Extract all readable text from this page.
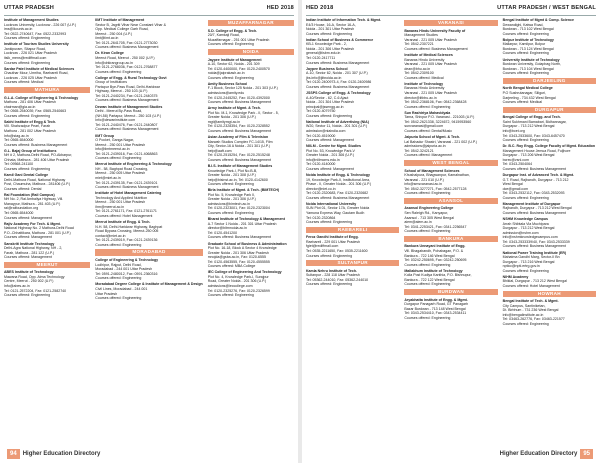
UTTAR PRADESH	HED 2018
Institute of Management Studies
Lucknow University, Lucknow - 226 007 (U.P.)
ims@lkouniv.ac.in
Tel: 0522-2740647, Fax: 0522-2332993
Courses offered: Engineering
Institute of Tourism Studies University
Jankipuram, Sitapur Road,
Lucknow - 226 021 Uttar Pradesh
itslk_mens@rediffmail.com
Courses offered: Engineering
Sardar Patel Institute of Medical Sciences
Chauthar Mour, Umriha, Raebareli Road,
Lucknow - 226 025 Uttar Pradesh
Courses offered: Medical
MATHURA
G.L.A. College of Engineering & Technology
Mathura - 281 406 Uttar Pradesh
chairman@gla.ac.in
Tel: 0565-2540039, Fax: 0565-2540663
Courses offered: Engineering
Sabhi Institute of Engg & Tech.
Vill. Shahzadpur Pearl, Farah
Mathura - 281 002 Uttar Pradesh
Info@stag.ac.in
Tel: 0565-6540000
Courses offered: Business Management
G.L. Bajaj Group of Institutions
NH # 2, Mathura-Delhi Road, PO-Akbarpur,
Chhata, Mathura - 281 406 Uttar Pradesh
Tel: 09568-241100
Courses offered: Engineering
Kamil Gani Dental College
Delhi-Mathura Road, National Highway
Post, Chaumuha, Mathura - 281406 (U.P.)
Courses offered: Dental
Rai Foundation (Rail Campus)
NH No. 2, Rai Ambaliya Highway, Vill.
Manaypur, Mathura - 281 403 (U.P.)
rai@raifoundation.org
Tel: 0565-6544000
Courses offered: Management
Rajiv Academy For Tech. & Mgmt.
National Highway No. 2 Mathura-Delhi Road
P.O.-Chhattikara, Mathura - 281 001 (U.P.)
Courses offered: Management
Sanskriti Institute Technology
Delhi-Agra National Highway, NH - 2,
Farah, Mathura - 281 122 (U.P.)
Courses offered: Management
MEERUT
ABES Institute of Technology
Mawana Road, Opp. Atma Technology
Centre, Meerut - 250 002 (U.P.)
Info@abes.ac.in
Tel: 0121-2572204, Fax: 0121-2582740
Courses offered: Engineering
IIMT Institute of Management
Sector B, Jagriti Vihar Near Constant Vihar &
Opp. Medical College Garh Road,
Meerut - 250 004 (U.P.)
iimt@iimt.ac.in
Tel: 0121-2641705, Fax: 0121-2773030
Courses offered: Business Management
Dr. Kiran College
Meerut Road, Meerut - 250 002 (U.P.)
info@drkirangroup.ac.in
Tel: 0121-2768036, Fax: 0121-2768877
Courses offered: Engineering
College of Engg. & Rural Technology Govt
Group of Institutions
Partapur Bye-Pass Road, Delhi-Haridwar
Highway, Meerut - 250 103 (U.P.)
Tel: 0121-2440234, Fax: 0121-2440375
Courses offered: Business Management
Dewan Institute of Management Studies
Delhi - Meerut By-Pass Road,
(NH-58) Partapur, Meerut - 250 103 (U.P.)
Info@dewaninstitute.com
Tel: 0121-2440476, Fax: 0121-2440807
Courses offered: Business Management
IIMT Group
O Pocket, Ganga Nagar,
Meerut - 250 001 Uttar Pradesh
info@iimtmeerut.ac.in
Tel: 0121-2439016, Fax: 0121-4068863
Courses offered: Engineering
Meerut Institute of Engineering & Technology
NH - 58, Baghpat Road Crossing,
Meerut - 250 005 Uttar Pradesh
miet@miet.ac.in
Tel: 0121-2439135, Fax: 0121-2439101
Courses offered: Business Management
Institute of Hotel Management Catering
Technology And Applied Nutrition
Meerut - 250 001 Uttar Pradesh
ihm@meerut.ac.in
Tel: 0121-2761171, Fax: 0121-2761171
Courses offered: Hotel Management
Meerut Institute of Engg. & Tech.
N.H. 58, Delhi-Haridwar Highway, Baghpat
Road Bypass Crossing, Meerut-250 005
contact@miet.ac.in
Tel: 0121-2439019, Fax: 0121-2439136
Courses offered: Engineering
MORADABAD
College of Engineering & Technology
Lodhipur, Rajput, Delhi Road,
Moradabad - 244 001 Uttar Pradesh
Tel: 0591-2480012, Fax: 0591-2360316
Courses offered: Engineering
Moradabad Degree College & Institute of Management & Design
Civil Lines, Moradabad - 244 001
Uttar Pradesh
Courses offered: Engineering
MUZAFFARNAGAR
S.D. College of Engg. & Tech.
20/7, Kamkaji Road,
Muzaffarnagar - 251 001 Uttar Pradesh
Courses offered: Engineering
NOIDA
Jaypee Institute of Management
A-10, Sector 62, Noida - 201 309
Tel: 0120-4400000, Fax: 0120-2400570
noida@jaiprakash.ac.in
Courses offered: Engineering
Amity Business School
F-1 Block, Sector 125 Noida - 201 303 (U.P.)
admissions@amity.edu
Tel: 0120-2445252, Fax: 0120-4392000
Courses offered: Business Management
Army Institute of Mgmt. & Tech.
Plot No. M-1, Knowledge Park - II, Sector - 5,
Greater Noida - 201 306 (U.P.)
mgt@amitymgt.ac.in
Tel: 0120-2328354, Fax: 0120-2328552
Courses offered: Business Management
Asian Academy of Film & Television
Marwah Studios Complex FC-14/15, Film
City, Sector-16 A Noida - 201 301 (U.P.)
help@aaft.com
Tel: 0120-2515254, Fax: 0120-2515248
Courses offered: Business Management
B.I.S. Institute of Management Studies
Knowledge Park-I, Plot No.B-B,
Greater Noida - 201 308 (U.P.)
help@bisinst.ac.in, Tel: 0120-4142600
Courses offered: Engineering
Birla Institute of Mgmt. & Tech. (BIMTECH)
Plot No. 5, Knowledge Park II,
Greater Noida - 201 306 (U.P.)
admissions@bimtech.ac.in
Tel: 0120-2323001, Fax: 0120-2323004
Courses offered: Engineering
Bharat Institute of Technology & Management
A-7 Sector 1 Noida - 201 301 Uttar Pradesh
director@bitmnoida.ac.in
Tel: 0120-4541200
Courses offered: Business Management
Graduate School of Business & Administration
Plot No. 16-18, Block A Sector 4 Knowledge
Greater Noida - 201 306 Uttar Pradesh
mnojda@gsba.ac.in, Fax: 0120-6555
Tel: 0120-4563555, Fax: 0120-4555555
Courses offered: MBA College
IEC College of Engineering And Technology
Plot No. 4, Knowledge Park-I, Surajpur
Road, Greater Noida - 201 306 (U.P.)
admissions@ieccollege.com
Tel: 0120-2325276, Fax: 0120-2326599
Courses offered: Engineering
94	Higher Education Directory
HED 2018	UTTAR PRADESH / WEST BENGAL
Indian Institute of Information Tech. & Mgmt.
E4/3 House, 16-A, Sector 16-A,
Noida - 201 301 Uttar Pradesh
Courses offered: Engineering
Indian School of Business & Commerce
KB-1 Knowledge Park - 2,
Noida - 201 306 Uttar Pradesh
general@iisbm.edu.in
Tel: 0120-2417711
Courses offered: Business Management
Jaypee Business School
A-10, Sector 62, Noida - 201 307 (U.P.)
jbs.info@jiitnoida.ac.in
Tel: 0120-2400973-4, Fax: 0120-2400986
Courses offered: Business Management
JSSPS College of Engg. & Technology
A-40/Sector - 62, C-6 Ajaut
Noida - 201 304 Uttar Pradesh
principal@jssengg.ac.in
Tel: 0120-4079750
Courses offered: Engineering
National Institute of Advertising (NIA)
W20, Sector 11, Noida - 201 301 (U.P.)
admission@niaindia.com
Tel: 0120-4519000
Courses offered: Management
NIILM - Centre for Mgmt. Studies
Plot No. 53, Knowledge Park-V
Greater Noida - 201 306 (U.P.)
info@niilmcms.edu.in
Tel: 0120-4140000
Courses offered: Management
Noida Institute of Engg. & Technology
19, Knowledge Park-II, Institutional Area,
Phase - II, Greater Noida - 201 306 (U.P.)
director@niet.co.in
Tel: 0120-2320683, Fax: 0120-2320682
Courses offered: Business Management
Noida International University
SUN Plot 01, Sector 17A, Greater Noida
Yamuna Express Way, Gautam Budh
Tel: 0120-2320864
Courses offered: Engineering
RAEBARELI
Feroz Gandhi Institute of Engg.
Raebareli - 229 001 Uttar Pradesh
fgiet@rediffmail.com
Tel: 0535-2211650, Fax: 0535-2211600
Courses offered: Engineering
SULTANPUR
Kamla Nehru Institute of Tech.
Sultanpur - 228 118 Uttar Pradesh
Tel: 05362-244010, Fax: 05362-244010
Courses offered: Engineering
VARANASI
Banaras Hindu University Faculty of
Management Studies
Varanasi - 221 005 Uttar Pradesh
Tel: 0542-2307221
Courses offered: Business Management
Institute of Medical Sciences
Banaras Hindu University
Varanasi - 221 005 Uttar Pradesh
dean@bhu.ac.in
Tel: 0542-2309100
Courses offered: Medical
Institute of Technology
Banaras Hindu University
Varanasi - 221 005 Uttar Pradesh
director@iitbhu.ac.in
Tel: 0542-2368106, Fax: 0542-2368428
Courses offered: Engineering
Sun Rashtriya Mahavidyala
Tarna, Shivpur P.O. Varanasi - 221003 (U.P.)
Tel: 0542-2621338, 3224672, 9415953560
sunvaranasi@gmail.com
Courses offered: Dental/Music
Jaipuria School of Mgmt. & Tech.
Lal Bahadur Shastri, Varanasi - 221 002 (U.P.)
admissions@jaipuria.ac.in
Tel: 0542-3242121
Courses offered: Management
WEST BENGAL
School of Management Sciences
Khushalpura, Bhagwanpur, Kamalnathan,
Varanasi - 221 010 (U.P.)
info@smsvaranasi.ac.in
Tel: 0542-3277271, Fax: 0542-2577128
Courses offered: Engineering
ASANSOL
Asansol Engineering College
Sen Raleigh Rd., Kanyapur,
Asansol - 713 305 West Bengal
aiem@aiem.ac.in
Tel: 0341-2253421, Fax: 0341-2256547
Courses offered: Engineering
BANKURA
Bankura Unnayani Institute of Engg.
Vill. Bhagabandh, Pohabagan, P.O. &
Bankura - 722 146 West Bengal
Tel: 03242-250695, Fax: 03242-250695
Courses offered: Engineering
Mallabhum Institute of Technology
Kolla Post Kudiya Kanthia, P.O. Bishnupur,
Bankura - 722 122 West Bengal
Courses offered: Engineering
BURDWAN
Aryabhatta Institute of Engg. & Mgmt.
Durgapur Panagarh Road, GT Panagarh
Bazar Burdwan - 713 148 West Bengal
Tel: 0343-2534410, Fax: 0343-2534411
Courses offered: Engineering
Bengal Institute of Mgmt & Comp. Science
Dewandighi, Katwa Road,
Burdwan - 713 102 West Bengal
Courses offered: Engineering
Bolpur Institute of Technology
Mallarpur, Kamiipur, Bolpur
Burdwan - 713 124 West Bengal
Courses offered: Engineering
University Institute of Technology
Burdwan University, Golapbag North,
Burdwan - 713 104 West Bengal
Courses offered: Engineering
DARJEELING
North Bengal Medical College
P.O Sushrutanagar, Siliguri,
Darjeeling - 734 432 West Bengal
Courses offered: Medical
DURGAPUR
Bengal College of Engg. and Tech.
Saint Sukhmani Bamabari, Bidhannagar,
Durgapur - 713 212 West Bengal
info@bcet.org
Tel: 0343-2533600, Fax: 0343-6457470
Courses offered: Engineering
Dr. B.C. Roy Engg. College Faculty of Mgmt. Education
Management House Jemua Road, Fuljhore
Durgapur - 713 206 West Bengal
bcrec@vsnl.com
Tel: 0343-2504064
Courses offered: Business Management
Durgapur Inst. of Advanced Tech. & Mgmt.
G.T. Road, Rajbandh, Durgapur - 713 212
West Bengal
dce@gmail.com
Tel: 0343-2532112, Fax: 0343-2532093
Courses offered: Engineering
Management Institute of Durgapur
Rajbandh, Durgapur - 713 212 West Bengal
Courses offered: Business Management
NSHM Knowledge Campus
Arrah Shibtala Via Muchipara
Durgapur - 713 212 West Bengal
admission@nshm.com
info@nshmknowledgecampus.com
Tel: 0343-2533339/40, Fax: 0343-2533339
Courses offered: Business Management
National Power Training Institute (ER)
Mahatma Gandhi Marg, Sector-II Bn
Durgapur - 713 216 West Bengal
npticc@npti.ertrg.gov.in
Courses offered: Engineering
NIHM Academy
Bhiklal, Durgapur - 713 212 West Bengal
Courses offered: Hotel Management
HOWRAH
Bengal Institute of Tech. & Mgmt.
City Campus, Santiniketan,
Dt. Birbhum - 731 236 West Bengal
info@bengalinstitute.ac.in
Tel: 03463-262776, Fax: 03463-221577
Courses offered: Engineering
Higher Education Directory	95
